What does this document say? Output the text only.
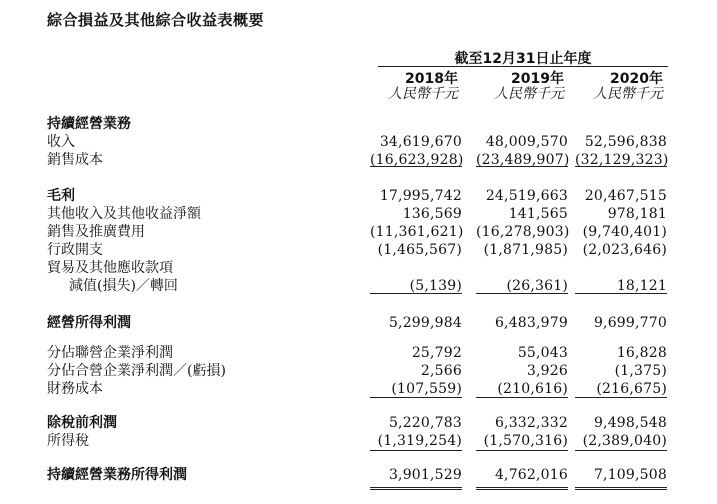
綜合損益及其他綜合收益表概要
截至12月31日止年度
2018年	2019年	2020年
人民幣千元	人民幣千元	人民幣千元
持續經營業務
收入	34,619,670	48,009,570	52,596,838
銷售成本	(16,623,928) (23,489,907) (32,129,323)
毛利	17,995,742	24,519,663	20,467,515
其他收入及其他收益淨額	136,569	141,565	978,181
銷售及推廣費用	(11,361,621) (16,278,903) (9,740,401)
行政開支	(1,465,567)	(1,871,985)	(2,023,646)
貿易及其他應收款項
減值(損失)／轉回	(5,139)	(26,361)	18,121
經營所得利潤	5,299,984	6,483,979	9,699,770
分佔聯營企業淨利潤	25,792	55,043	16,828
分佔合營企業淨利潤／(虧損)	2,566	3,926	(1,375)
財務成本	(107,559)	(210,616)	(216,675)
除稅前利潤	5,220,783	6,332,332	9,498,548
所得稅	(1,319,254)	(1,570,316)	(2,389,040)
持續經營業務所得利潤	3,901,529	4,762,016	7,109,508
